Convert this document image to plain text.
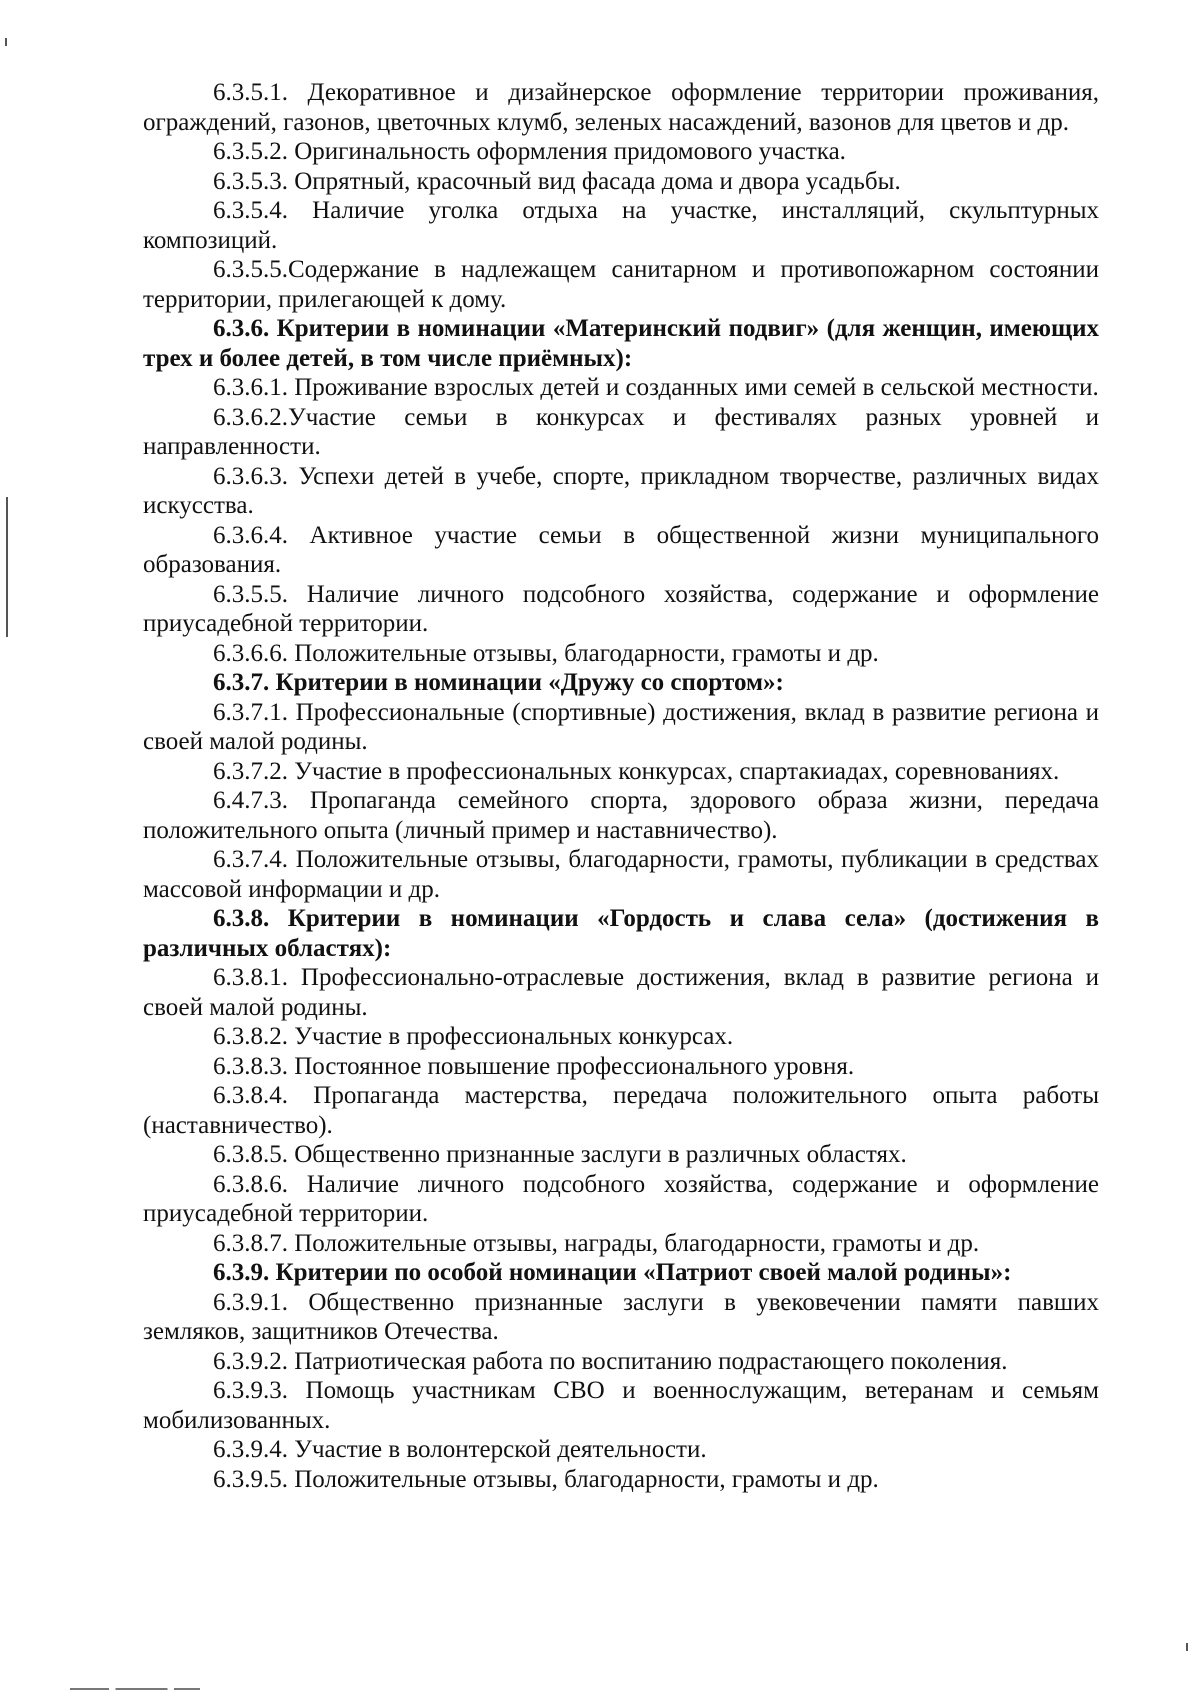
6.3.5.1. Декоративное и дизайнерское оформление территории проживания, ограждений, газонов, цветочных клумб, зеленых насаждений, вазонов для цветов и др.

6.3.5.2. Оригинальность оформления придомового участка.

6.3.5.3. Опрятный, красочный вид фасада дома и двора усадьбы.

6.3.5.4. Наличие уголка отдыха на участке, инсталляций, скульптурных композиций.

6.3.5.5.Содержание в надлежащем санитарном и противопожарном состоянии территории, прилегающей к дому.

6.3.6. Критерии в номинации «Материнский подвиг» (для женщин, имеющих трех и более детей, в том числе приёмных):

6.3.6.1. Проживание взрослых детей и созданных ими семей в сельской местности.

6.3.6.2.Участие семьи в конкурсах и фестивалях разных уровней и направленности.

6.3.6.3. Успехи детей в учебе, спорте, прикладном творчестве, различных видах искусства.

6.3.6.4. Активное участие семьи в общественной жизни муниципального образования.

6.3.5.5. Наличие личного подсобного хозяйства, содержание и оформление приусадебной территории.

6.3.6.6. Положительные отзывы, благодарности, грамоты и др.

6.3.7. Критерии в номинации «Дружу со спортом»:

6.3.7.1. Профессиональные (спортивные) достижения, вклад в развитие региона и своей малой родины.

6.3.7.2. Участие в профессиональных конкурсах, спартакиадах, соревнованиях.

6.4.7.3. Пропаганда семейного спорта, здорового образа жизни, передача положительного опыта (личный пример и наставничество).

6.3.7.4. Положительные отзывы, благодарности, грамоты, публикации в средствах массовой информации и др.

6.3.8. Критерии в номинации «Гордость и слава села» (достижения в различных областях):

6.3.8.1. Профессионально-отраслевые достижения, вклад в развитие региона и своей малой родины.

6.3.8.2. Участие в профессиональных конкурсах.

6.3.8.3. Постоянное повышение профессионального уровня.

6.3.8.4. Пропаганда мастерства, передача положительного опыта работы (наставничество).

6.3.8.5. Общественно признанные заслуги в различных областях.

6.3.8.6. Наличие личного подсобного хозяйства, содержание и оформление приусадебной территории.

6.3.8.7. Положительные отзывы, награды, благодарности, грамоты и др.

6.3.9. Критерии по особой номинации «Патриот своей малой родины»:

6.3.9.1. Общественно признанные заслуги в увековечении памяти павших земляков, защитников Отечества.

6.3.9.2. Патриотическая работа по воспитанию подрастающего поколения.

6.3.9.3. Помощь участникам СВО и военнослужащим, ветеранам и семьям мобилизованных.

6.3.9.4. Участие в волонтерской деятельности.

6.3.9.5. Положительные отзывы, благодарности, грамоты и др.
